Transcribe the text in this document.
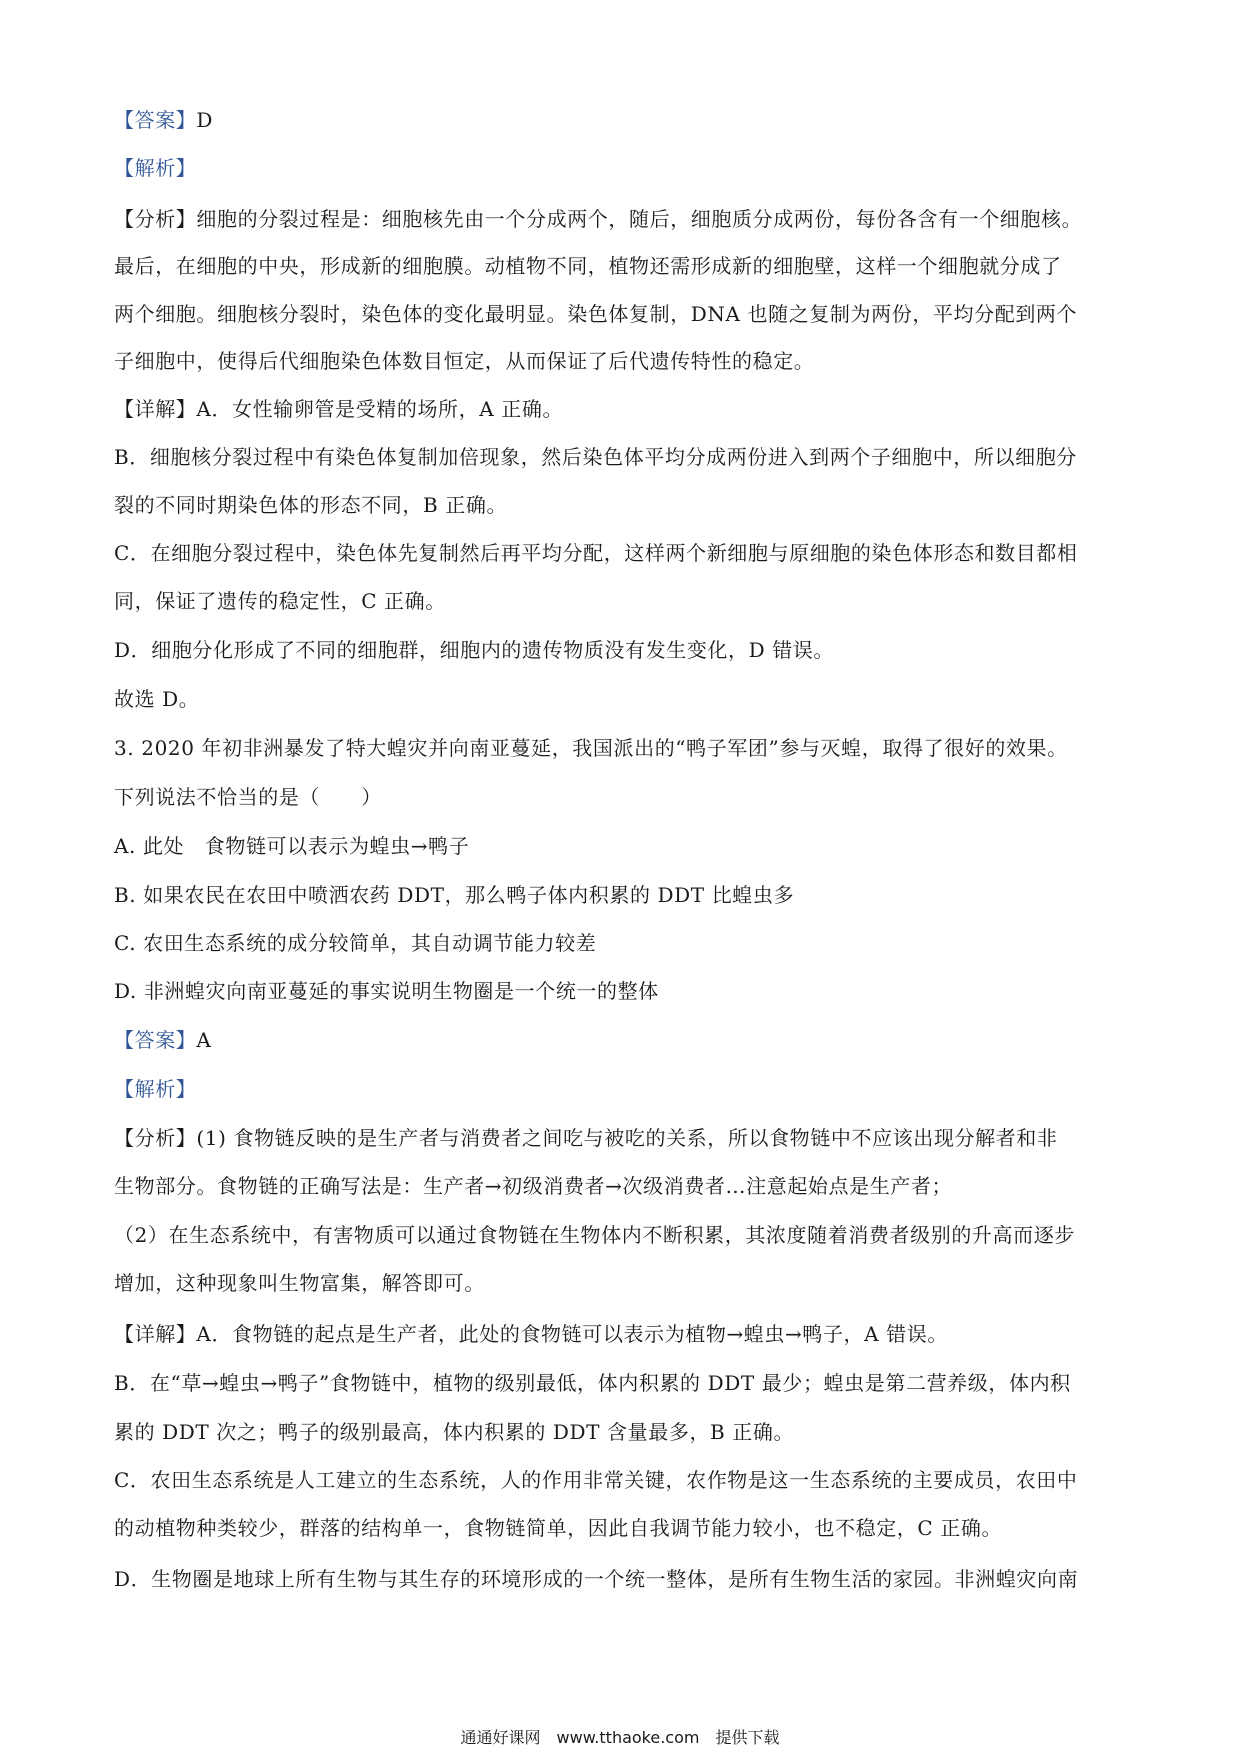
【答案】D
【解析】
【分析】细胞的分裂过程是：细胞核先由一个分成两个，随后，细胞质分成两份，每份各含有一个细胞核。
最后，在细胞的中央，形成新的细胞膜。动植物不同，植物还需形成新的细胞壁，这样一个细胞就分成了
两个细胞。细胞核分裂时，染色体的变化最明显。染色体复制，DNA 也随之复制为两份，平均分配到两个
子细胞中，使得后代细胞染色体数目恒定，从而保证了后代遗传特性的稳定。
【详解】A．女性输卵管是受精的场所，A 正确。
B．细胞核分裂过程中有染色体复制加倍现象，然后染色体平均分成两份进入到两个子细胞中，所以细胞分
裂的不同时期染色体的形态不同，B 正确。
C．在细胞分裂过程中，染色体先复制然后再平均分配，这样两个新细胞与原细胞的染色体形态和数目都相
同，保证了遗传的稳定性，C 正确。
D．细胞分化形成了不同的细胞群，细胞内的遗传物质没有发生变化，D 错误。
故选 D。
3. 2020 年初非洲暴发了特大蝗灾并向南亚蔓延，我国派出的“鸭子军团”参与灭蝗，取得了很好的效果。
下列说法不恰当的是（　　）
A. 此处　食物链可以表示为蝗虫→鸭子
B. 如果农民在农田中喷洒农药 DDT，那么鸭子体内积累的 DDT 比蝗虫多
C. 农田生态系统的成分较简单，其自动调节能力较差
D. 非洲蝗灾向南亚蔓延的事实说明生物圈是一个统一的整体
【答案】A
【解析】
【分析】(1) 食物链反映的是生产者与消费者之间吃与被吃的关系，所以食物链中不应该出现分解者和非
生物部分。食物链的正确写法是：生产者→初级消费者→次级消费者…注意起始点是生产者；
（2）在生态系统中，有害物质可以通过食物链在生物体内不断积累，其浓度随着消费者级别的升高而逐步
增加，这种现象叫生物富集，解答即可。
【详解】A．食物链的起点是生产者，此处的食物链可以表示为植物→蝗虫→鸭子，A 错误。
B．在“草→蝗虫→鸭子”食物链中，植物的级别最低，体内积累的 DDT 最少；蝗虫是第二营养级，体内积
累的 DDT 次之；鸭子的级别最高，体内积累的 DDT 含量最多，B 正确。
C．农田生态系统是人工建立的生态系统，人的作用非常关键，农作物是这一生态系统的主要成员，农田中
的动植物种类较少，群落的结构单一，食物链简单，因此自我调节能力较小，也不稳定，C 正确。
D．生物圈是地球上所有生物与其生存的环境形成的一个统一整体，是所有生物生活的家园。非洲蝗灾向南
通通好课网　www.tthaoke.com　提供下载
